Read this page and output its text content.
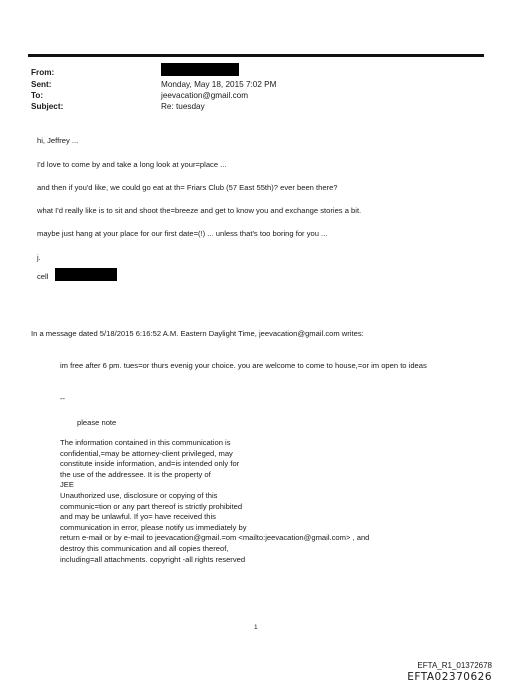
From:
Sent:
To:
Subject:
Monday, May 18, 2015 7:02 PM
jeevacation@gmail.com
Re: tuesday
hi, Jeffrey ...
I'd love to come by and take a long look at your=place ...
and then if you'd like, we could go eat at th= Friars Club (57 East 55th)? ever been there?
what I'd really like is to sit and shoot the=breeze and get to know you and exchange stories a bit.
maybe just hang at your place for our first date=(!) ... unless that's too boring for you ...
j.
cell
In a message dated 5/18/2015 6:16:52 A.M. Eastern Daylight Time, jeevacation@gmail.com writes:
im free after 6 pm. tues=or thurs evenig your choice. you are welcome to come to house,=or im open to ideas
--
please note
The information contained in this communication is
confidential,=may be attorney-client privileged, may
constitute inside information, and=is intended only for
the use of the addressee. It is the property of
JEE
Unauthorized use, disclosure or copying of this
communic=tion or any part thereof is strictly prohibited
and may be unlawful. If yo= have received this
communication in error, please notify us immediately by
return e-mail or by e-mail to jeevacation@gmail.=om <mailto:jeevacation@gmail.com> , and
destroy this communication and all copies thereof,
including=all attachments. copyright -all rights reserved
1
EFTA_R1_01372678
EFTA02370626
